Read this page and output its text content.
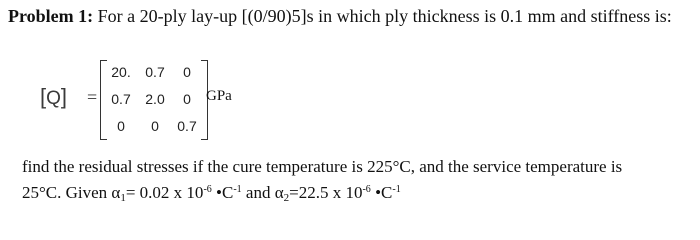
Problem 1: For a 20-ply lay-up [(0/90)5]s in which ply thickness is 0.1 mm and stiffness is:
[Q] =
20.	0.7	0
0.7	2.0	0
0	0	0.7
GPa
find the residual stresses if the cure temperature is 225°C, and the service temperature is
25°C. Given $\alpha_1= 0.02$ x $10^{-6}$ $•C^{-1}$ and $\alpha_2=22.5$ x $10^{-6}$ $•C^{-1}$
